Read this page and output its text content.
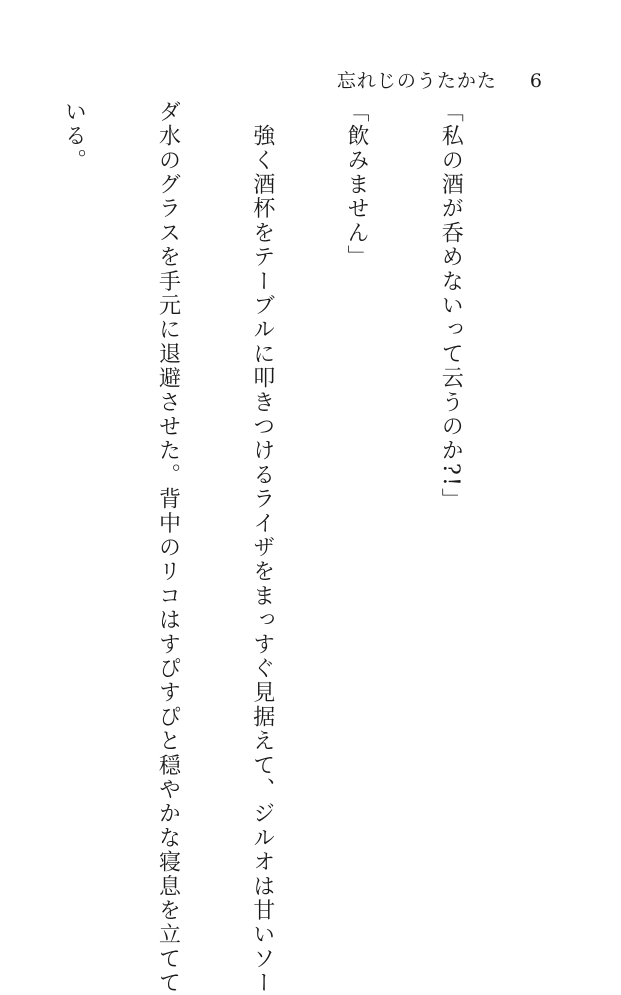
忘れじのうたかた 6

「私の酒が呑めないって云うのか?!」

「飲みません」

　強く酒杯をテーブルに叩きつけるライザをまっすぐ見据えて、ジルオは甘いソー

ダ水のグラスを手元に退避させた。背中のリコはすぴすぴと穏やかな寝息を立てて

いる。
